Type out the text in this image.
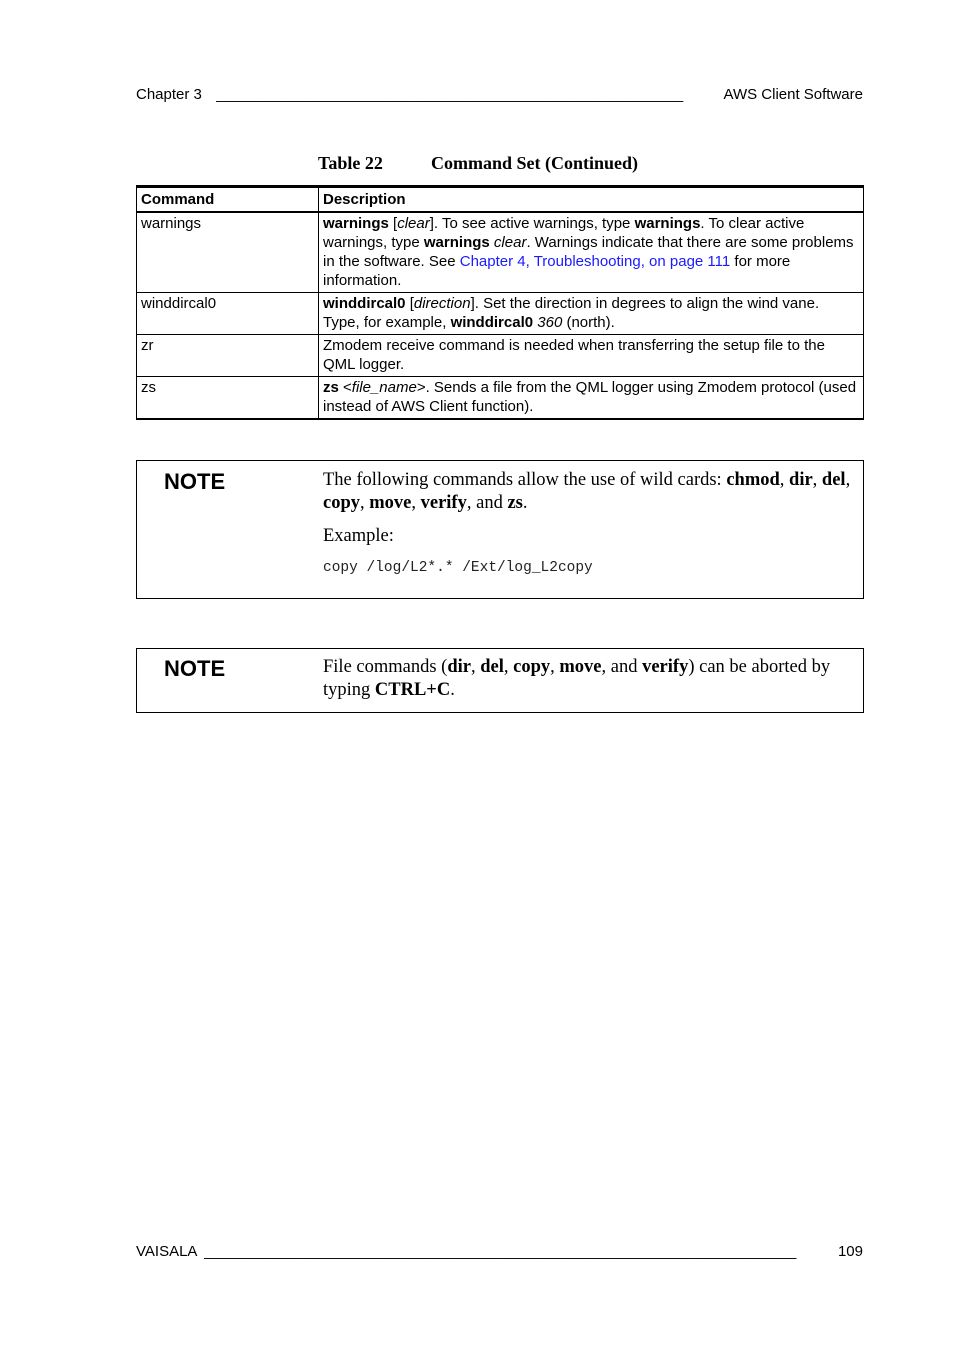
Chapter 3 ________________________________________________________	AWS Client Software
Table 22	Command Set (Continued)
Command	Description
warnings	warnings [clear]. To see active warnings, type warnings. To clear active warnings, type warnings clear. Warnings indicate that there are some problems in the software. See Chapter 4, Troubleshooting, on page 111 for more information.
winddircal0	winddircal0 [direction]. Set the direction in degrees to align the wind vane. Type, for example, winddircal0 360 (north).
zr	Zmodem receive command is needed when transferring the setup file to the QML logger.
zs	zs <file_name>. Sends a file from the QML logger using Zmodem protocol (used instead of AWS Client function).
NOTE	The following commands allow the use of wild cards: chmod, dir, del, copy, move, verify, and zs.
Example:
copy /log/L2*.* /Ext/log_L2copy
NOTE	File commands (dir, del, copy, move, and verify) can be aborted by typing CTRL+C.
VAISALA _______________________________________________________________________	109
